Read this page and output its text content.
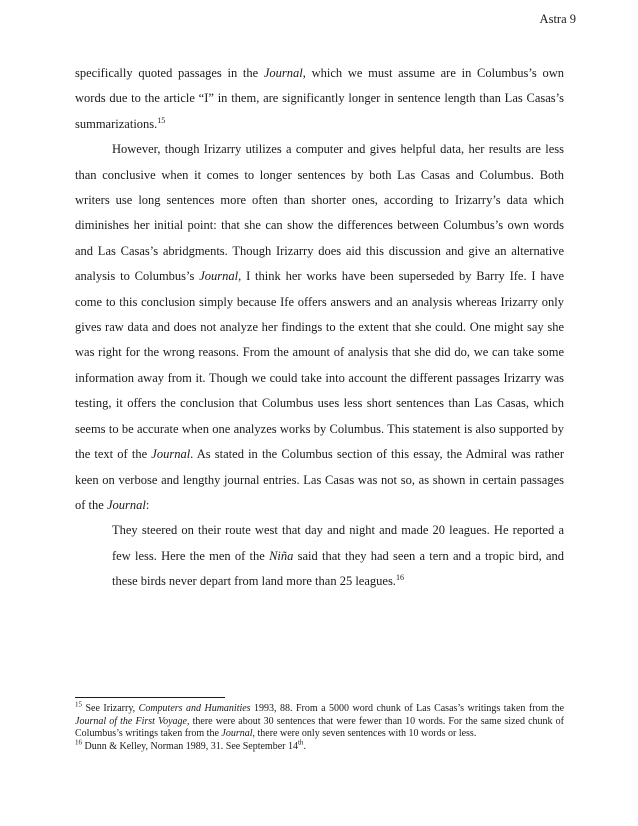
Astra 9

specifically quoted passages in the Journal, which we must assume are in Columbus’s own words due to the article “I” in them, are significantly longer in sentence length than Las Casas’s summarizations.$^{15}$

However, though Irizarry utilizes a computer and gives helpful data, her results are less than conclusive when it comes to longer sentences by both Las Casas and Columbus. Both writers use long sentences more often than shorter ones, according to Irizarry’s data which diminishes her initial point: that she can show the differences between Columbus’s own words and Las Casas’s abridgments. Though Irizarry does aid this discussion and give an alternative analysis to Columbus’s Journal, I think her works have been superseded by Barry Ife. I have come to this conclusion simply because Ife offers answers and an analysis whereas Irizarry only gives raw data and does not analyze her findings to the extent that she could. One might say she was right for the wrong reasons. From the amount of analysis that she did do, we can take some information away from it. Though we could take into account the different passages Irizarry was testing, it offers the conclusion that Columbus uses less short sentences than Las Casas, which seems to be accurate when one analyzes works by Columbus. This statement is also supported by the text of the Journal. As stated in the Columbus section of this essay, the Admiral was rather keen on verbose and lengthy journal entries. Las Casas was not so, as shown in certain passages of the Journal:

They steered on their route west that day and night and made 20 leagues. He reported a few less. Here the men of the Niña said that they had seen a tern and a tropic bird, and these birds never depart from land more than 25 leagues.$^{16}$

$^{15}$ See Irizarry, Computers and Humanities 1993, 88. From a 5000 word chunk of Las Casas’s writings taken from the Journal of the First Voyage, there were about 30 sentences that were fewer than 10 words. For the same sized chunk of Columbus’s writings taken from the Journal, there were only seven sentences with 10 words or less.

$^{16}$ Dunn & Kelley, Norman 1989, 31. See September 14th.
